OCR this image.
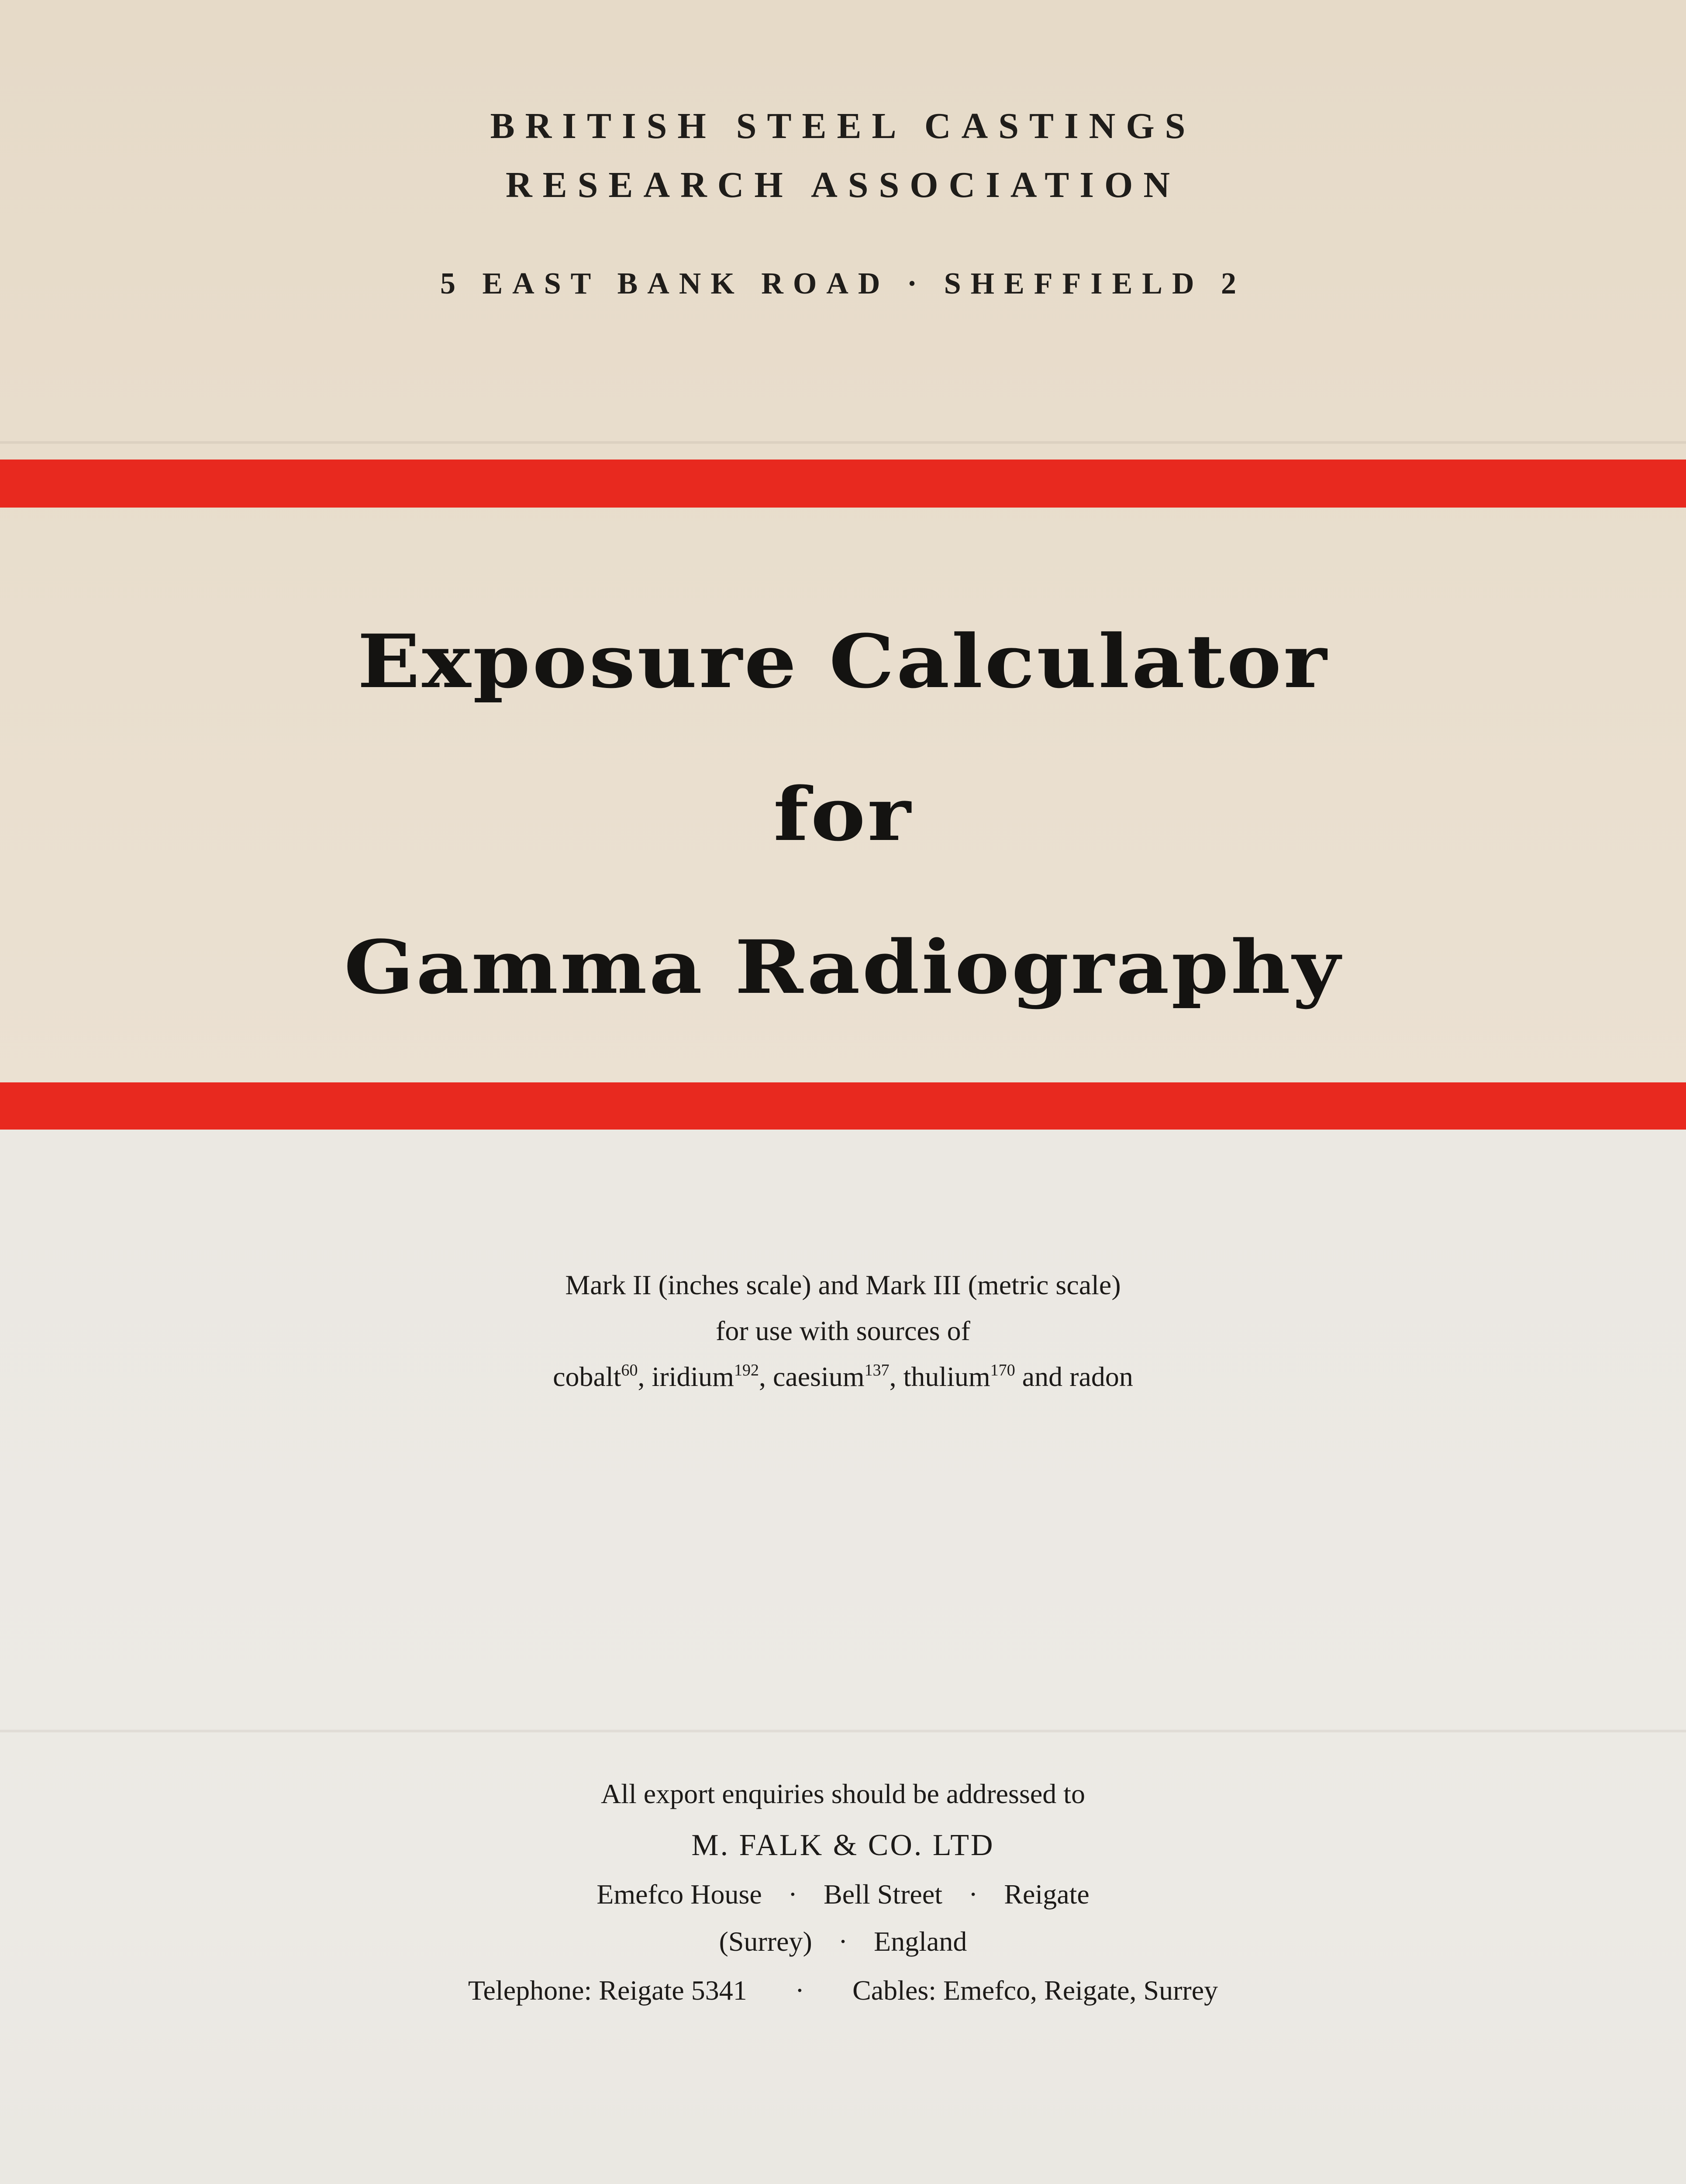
BRITISH STEEL CASTINGS
RESEARCH ASSOCIATION
5 EAST BANK ROAD · SHEFFIELD 2
Exposure Calculator
for
Gamma Radiography
Mark II (inches scale) and Mark III (metric scale)
for use with sources of
cobalt$^{60}$, iridium$^{192}$, caesium$^{137}$, thulium$^{170}$ and radon
All export enquiries should be addressed to
M. FALK & CO. LTD
Emefco House · Bell Street · Reigate
(Surrey) · England
Telephone: Reigate 5341 · Cables: Emefco, Reigate, Surrey
